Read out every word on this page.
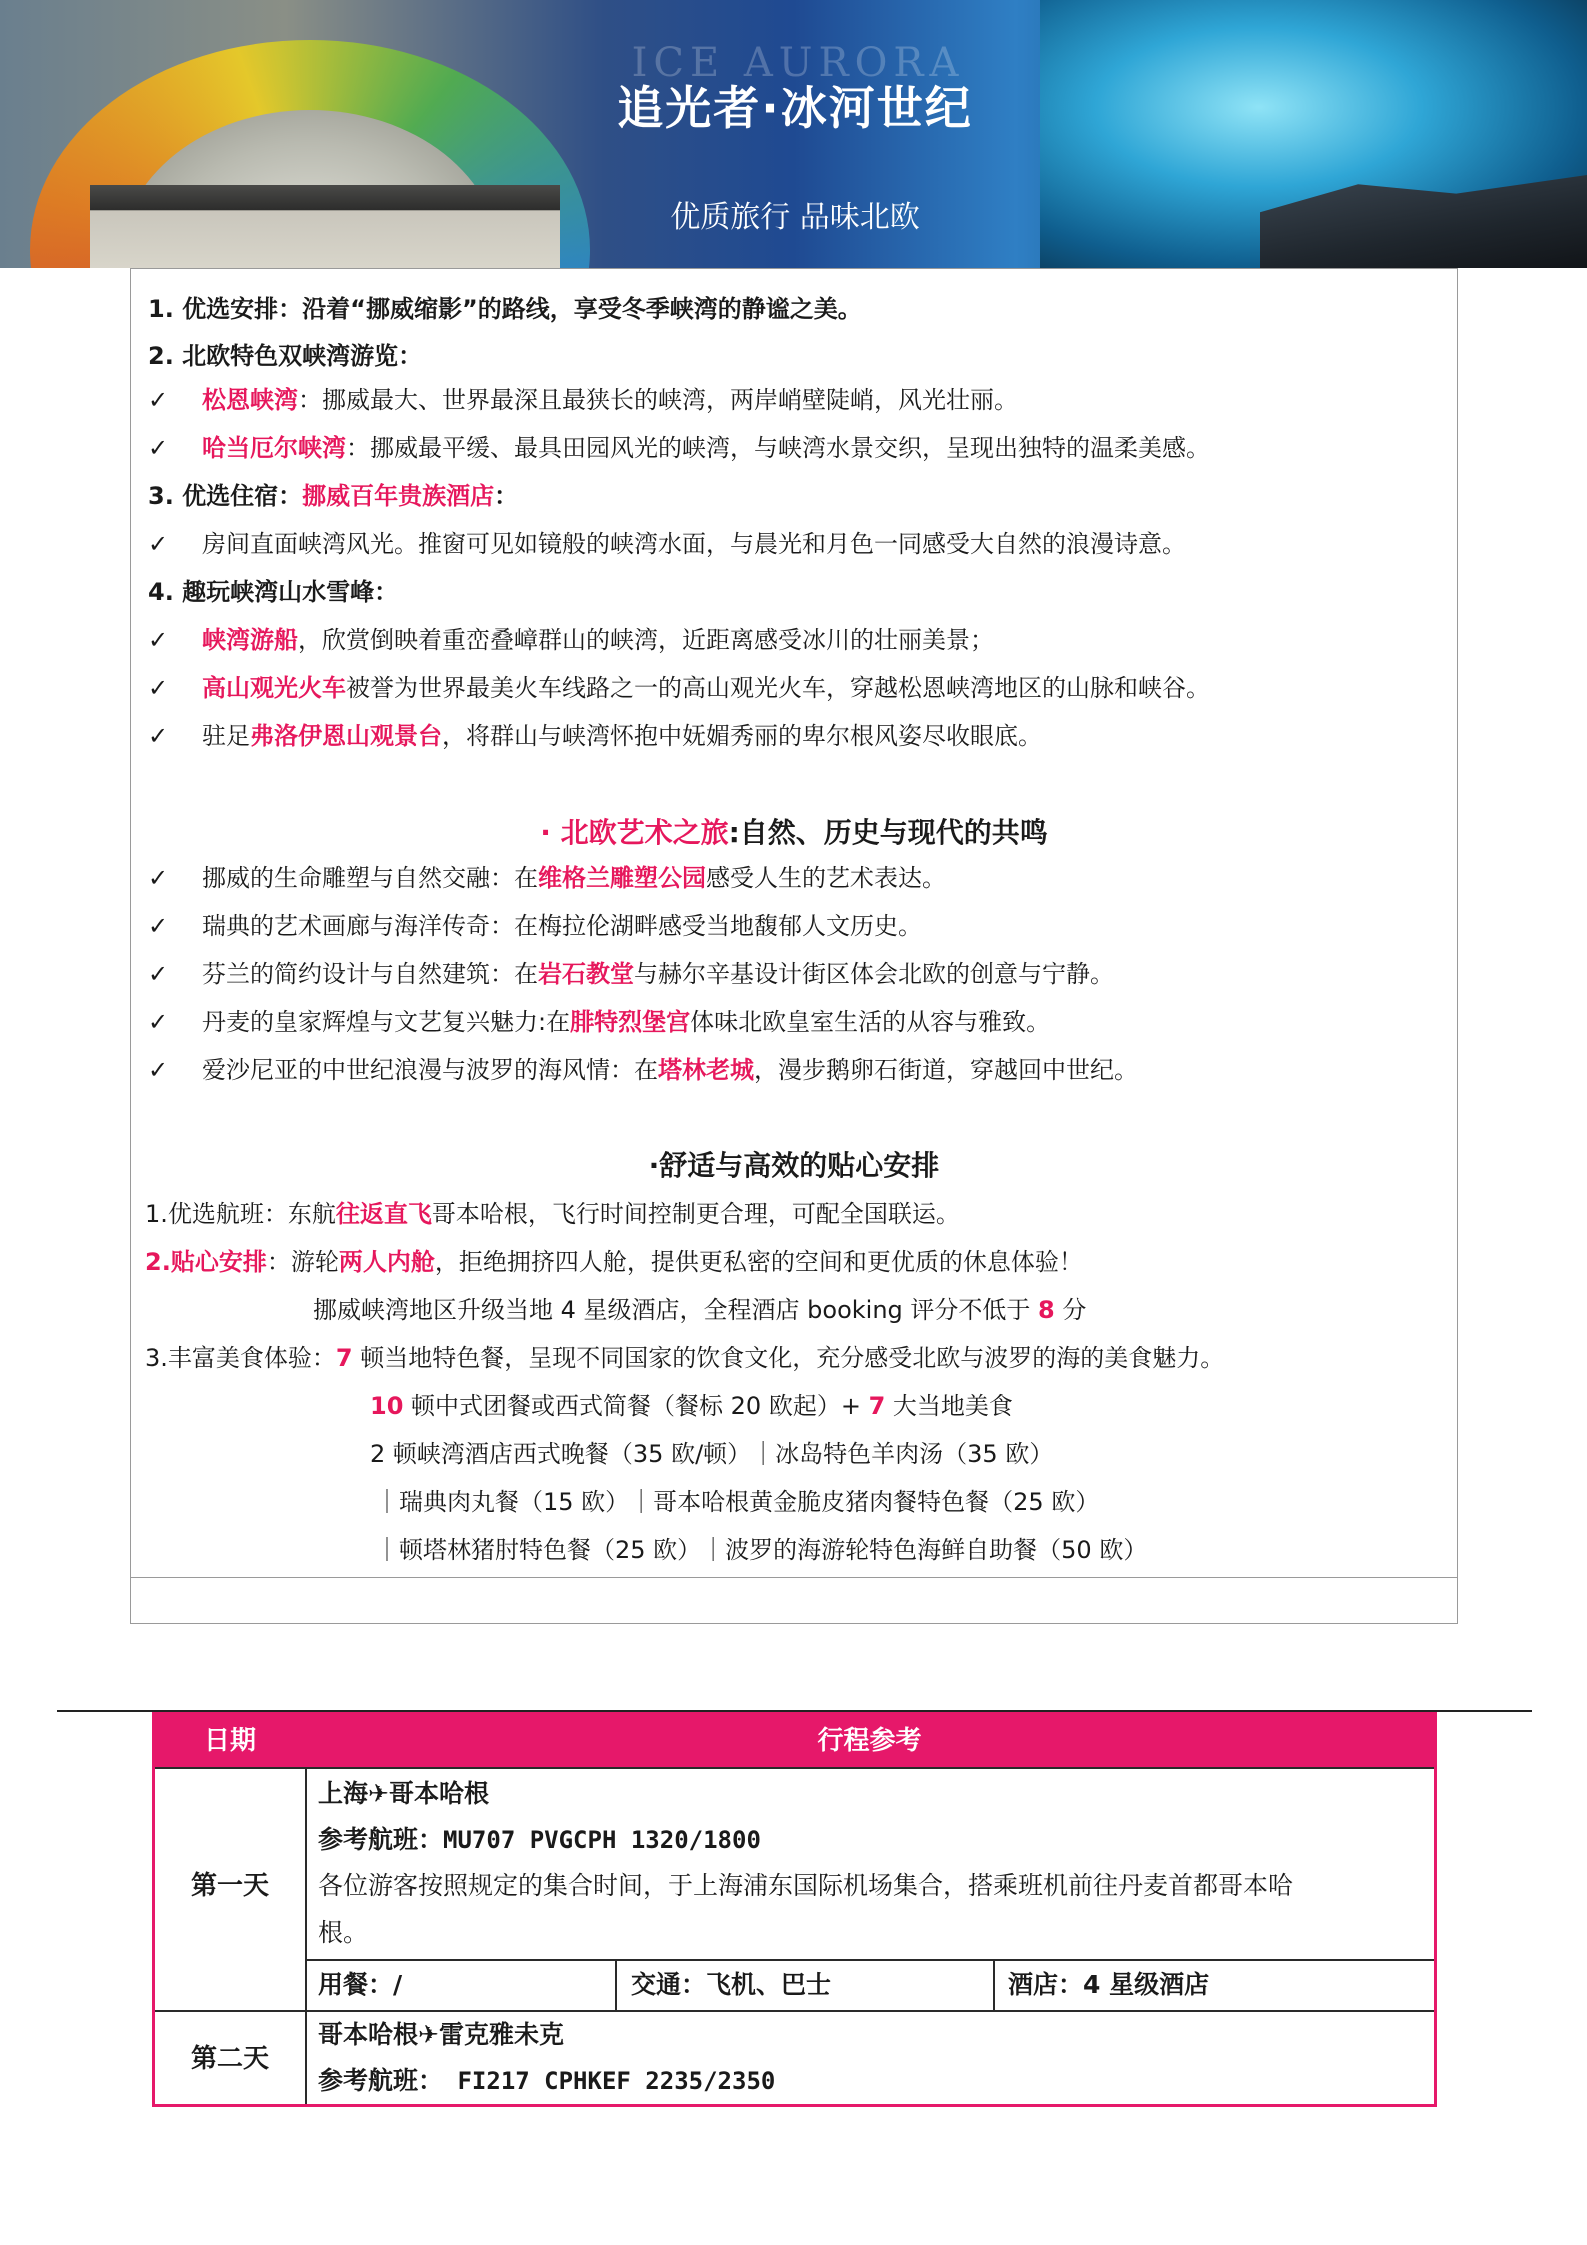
ICE AURORA
追光者·冰河世纪
优质旅行 品味北欧
1. 优选安排：沿着“挪威缩影”的路线，享受冬季峡湾的静谧之美。
2. 北欧特色双峡湾游览：
✓ 松恩峡湾：挪威最大、世界最深且最狭长的峡湾，两岸峭壁陡峭，风光壮丽。
✓ 哈当厄尔峡湾：挪威最平缓、最具田园风光的峡湾，与峡湾水景交织，呈现出独特的温柔美感。
3. 优选住宿：挪威百年贵族酒店：
✓ 房间直面峡湾风光。推窗可见如镜般的峡湾水面，与晨光和月色一同感受大自然的浪漫诗意。
4. 趣玩峡湾山水雪峰：
✓ 峡湾游船，欣赏倒映着重峦叠嶂群山的峡湾，近距离感受冰川的壮丽美景；
✓ 高山观光火车被誉为世界最美火车线路之一的高山观光火车，穿越松恩峡湾地区的山脉和峡谷。
✓ 驻足弗洛伊恩山观景台，将群山与峡湾怀抱中妩媚秀丽的卑尔根风姿尽收眼底。
· 北欧艺术之旅:自然、历史与现代的共鸣
✓ 挪威的生命雕塑与自然交融：在维格兰雕塑公园感受人生的艺术表达。
✓ 瑞典的艺术画廊与海洋传奇：在梅拉伦湖畔感受当地馥郁人文历史。
✓ 芬兰的简约设计与自然建筑：在岩石教堂与赫尔辛基设计街区体会北欧的创意与宁静。
✓ 丹麦的皇家辉煌与文艺复兴魅力:在腓特烈堡宫体味北欧皇室生活的从容与雅致。
✓ 爱沙尼亚的中世纪浪漫与波罗的海风情：在塔林老城，漫步鹅卵石街道，穿越回中世纪。
·舒适与高效的贴心安排
1.优选航班：东航往返直飞哥本哈根，飞行时间控制更合理，可配全国联运。
2.贴心安排：游轮两人内舱，拒绝拥挤四人舱，提供更私密的空间和更优质的休息体验！
挪威峡湾地区升级当地 4 星级酒店，全程酒店 booking 评分不低于 8 分
3.丰富美食体验：7 顿当地特色餐，呈现不同国家的饮食文化，充分感受北欧与波罗的海的美食魅力。
10 顿中式团餐或西式简餐（餐标 20 欧起）+ 7 大当地美食
2 顿峡湾酒店西式晚餐（35 欧/顿）｜冰岛特色羊肉汤（35 欧）
｜瑞典肉丸餐（15 欧）｜哥本哈根黄金脆皮猪肉餐特色餐（25 欧）
｜顿塔林猪肘特色餐（25 欧）｜波罗的海游轮特色海鲜自助餐（50 欧）
日期	行程参考
第一天
上海✈哥本哈根
参考航班：MU707 PVGCPH 1320/1800
各位游客按照规定的集合时间，于上海浦东国际机场集合，搭乘班机前往丹麦首都哥本哈
根。
用餐：/	交通：飞机、巴士	酒店：4 星级酒店
第二天
哥本哈根✈雷克雅未克
参考航班： FI217 CPHKEF 2235/2350
